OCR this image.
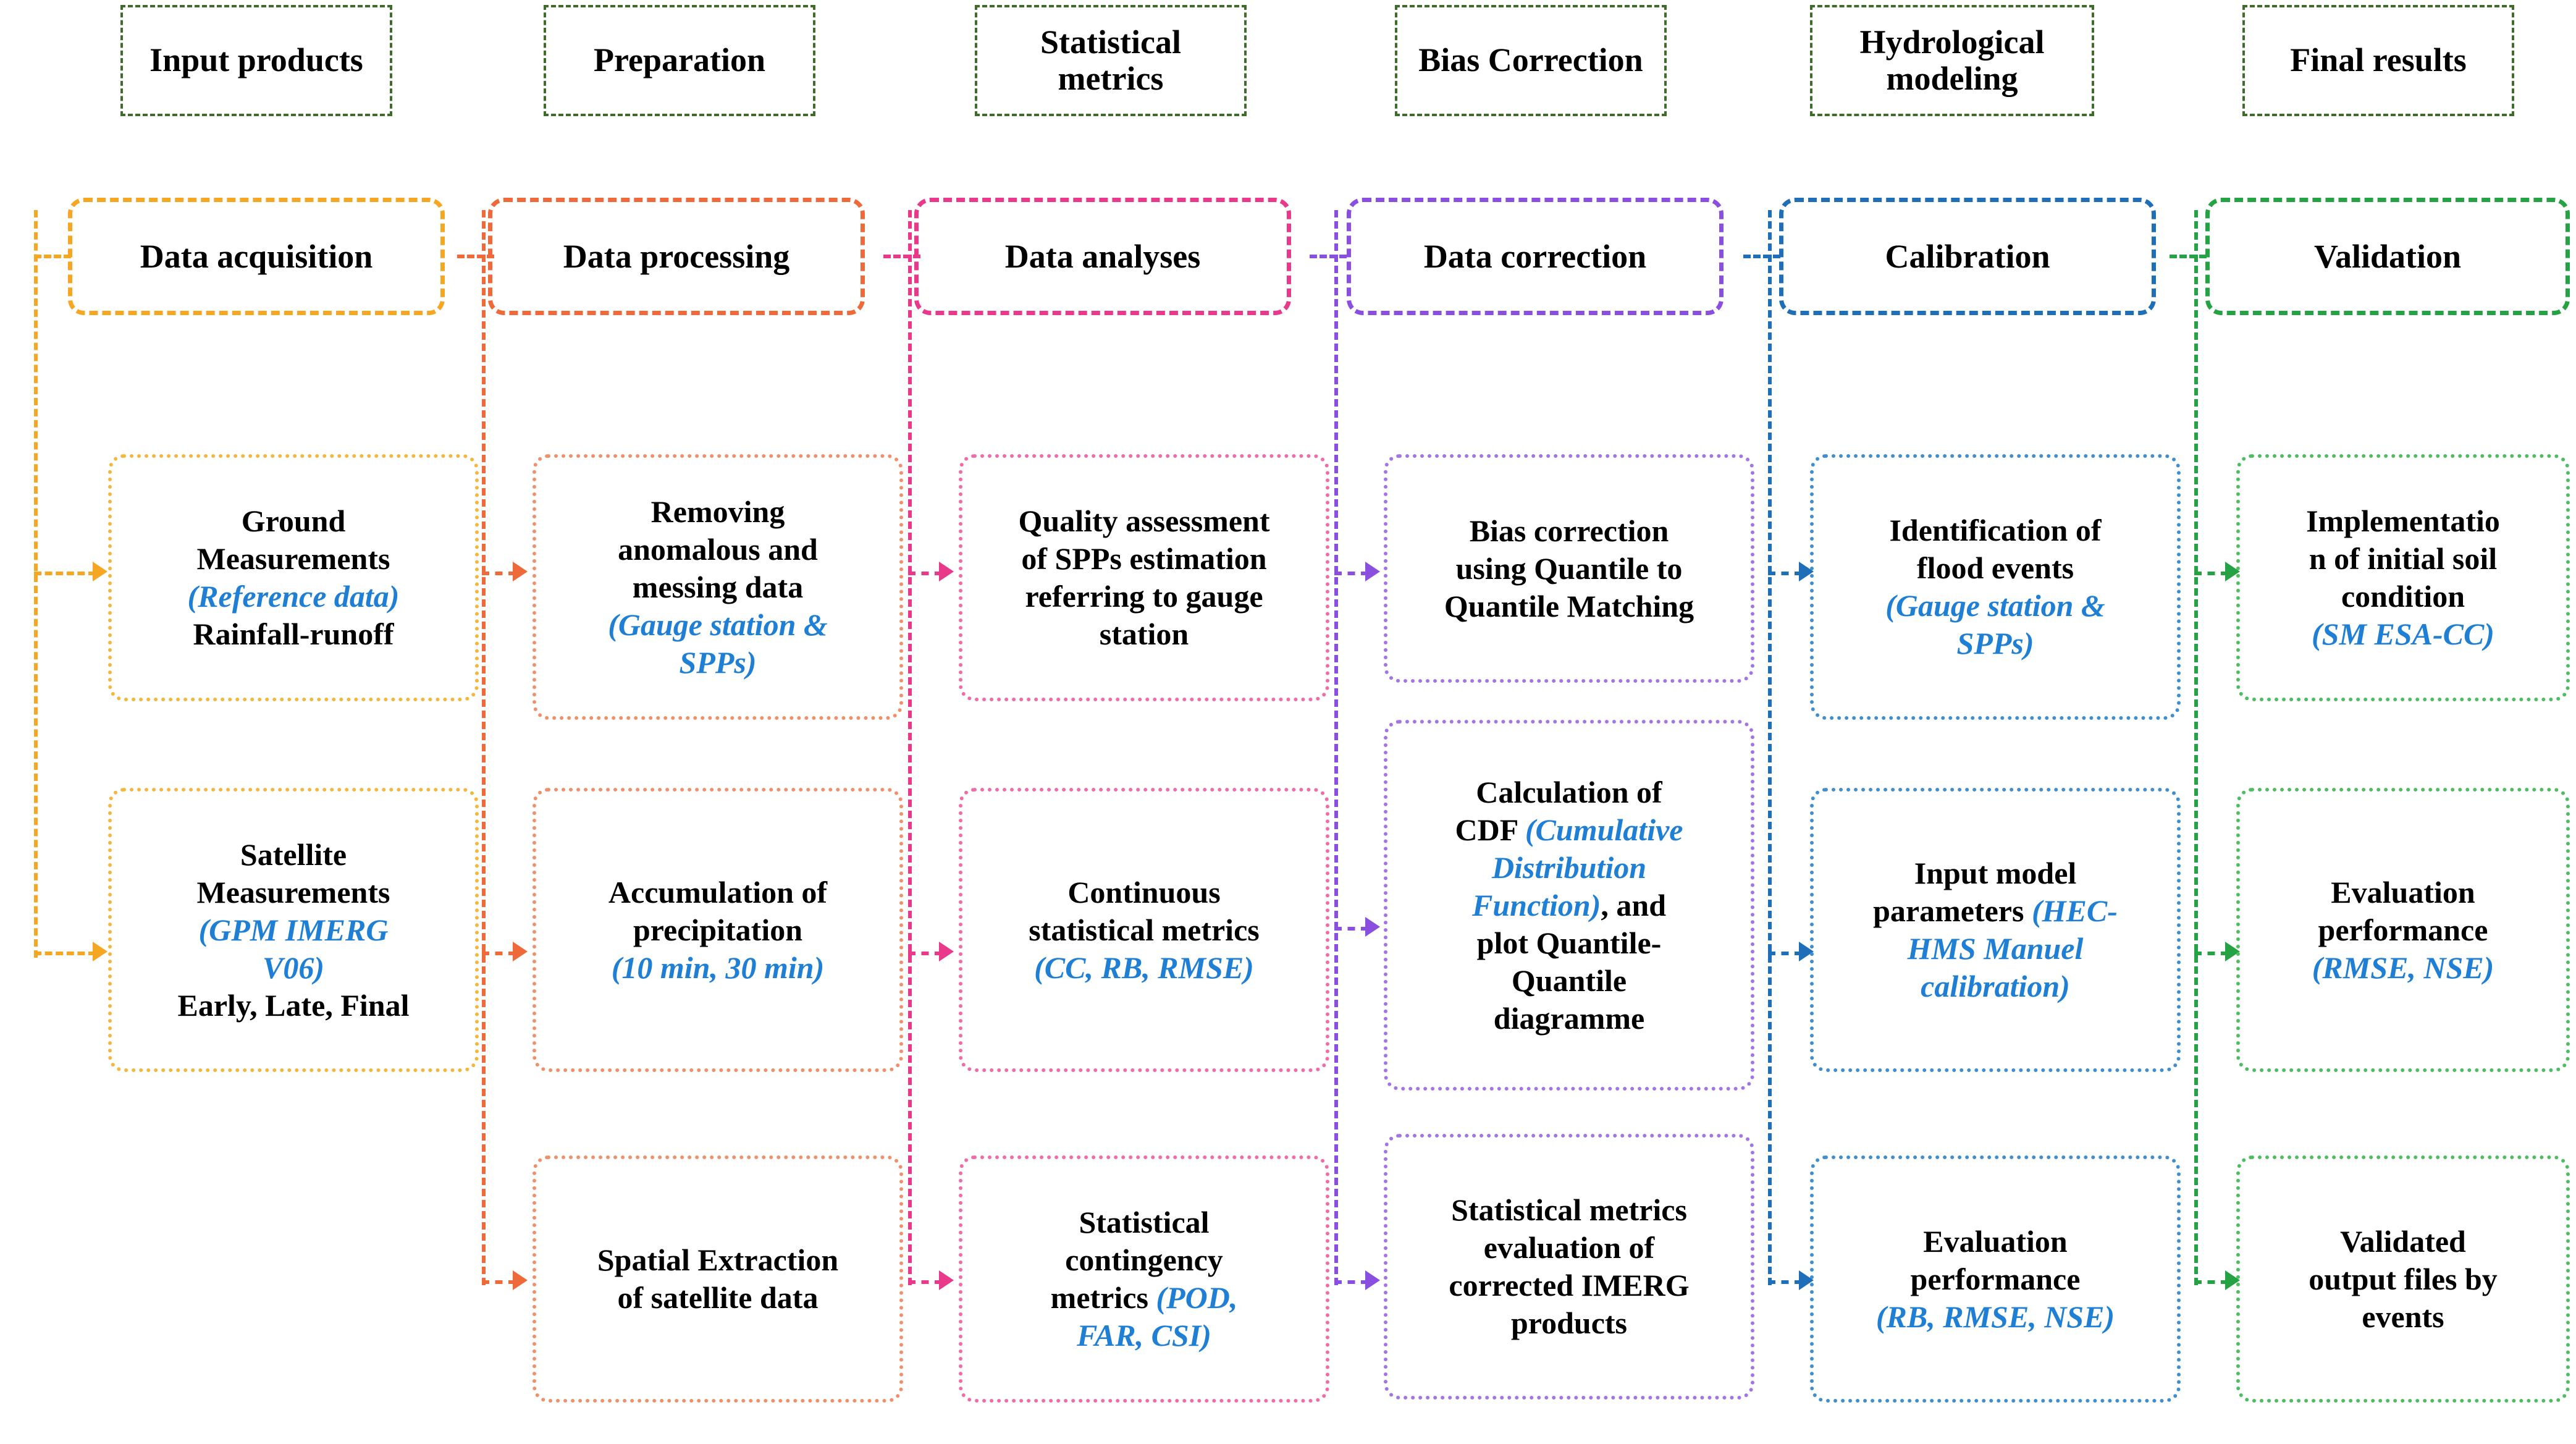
Input products	Preparation	Statistical metrics	Bias Correction	Hydrological modeling	Final results
Data acquisition	Data processing	Data analyses	Data correction	Calibration	Validation
Ground
Measurements
(Reference data)
Rainfall-runoff
Satellite
Measurements
(GPM IMERG
V06)
Early, Late, Final
Removing
anomalous and
messing data
(Gauge station &
SPPs)
Accumulation of
precipitation
(10 min, 30 min)
Spatial Extraction
of satellite data
Quality assessment
of SPPs estimation
referring to gauge
station
Continuous
statistical metrics
(CC, RB, RMSE)
Statistical
contingency
metrics (POD,
FAR, CSI)
Bias correction
using Quantile to
Quantile Matching
Calculation of
CDF (Cumulative
Distribution
Function), and
plot Quantile-
Quantile
diagramme
Statistical metrics
evaluation of
corrected IMERG
products
Identification of
flood events
(Gauge station &
SPPs)
Input model
parameters (HEC-
HMS Manuel
calibration)
Evaluation
performance
(RB, RMSE, NSE)
Implementatio
n of initial soil
condition
(SM ESA-CC)
Evaluation
performance
(RMSE, NSE)
Validated
output files by
events
